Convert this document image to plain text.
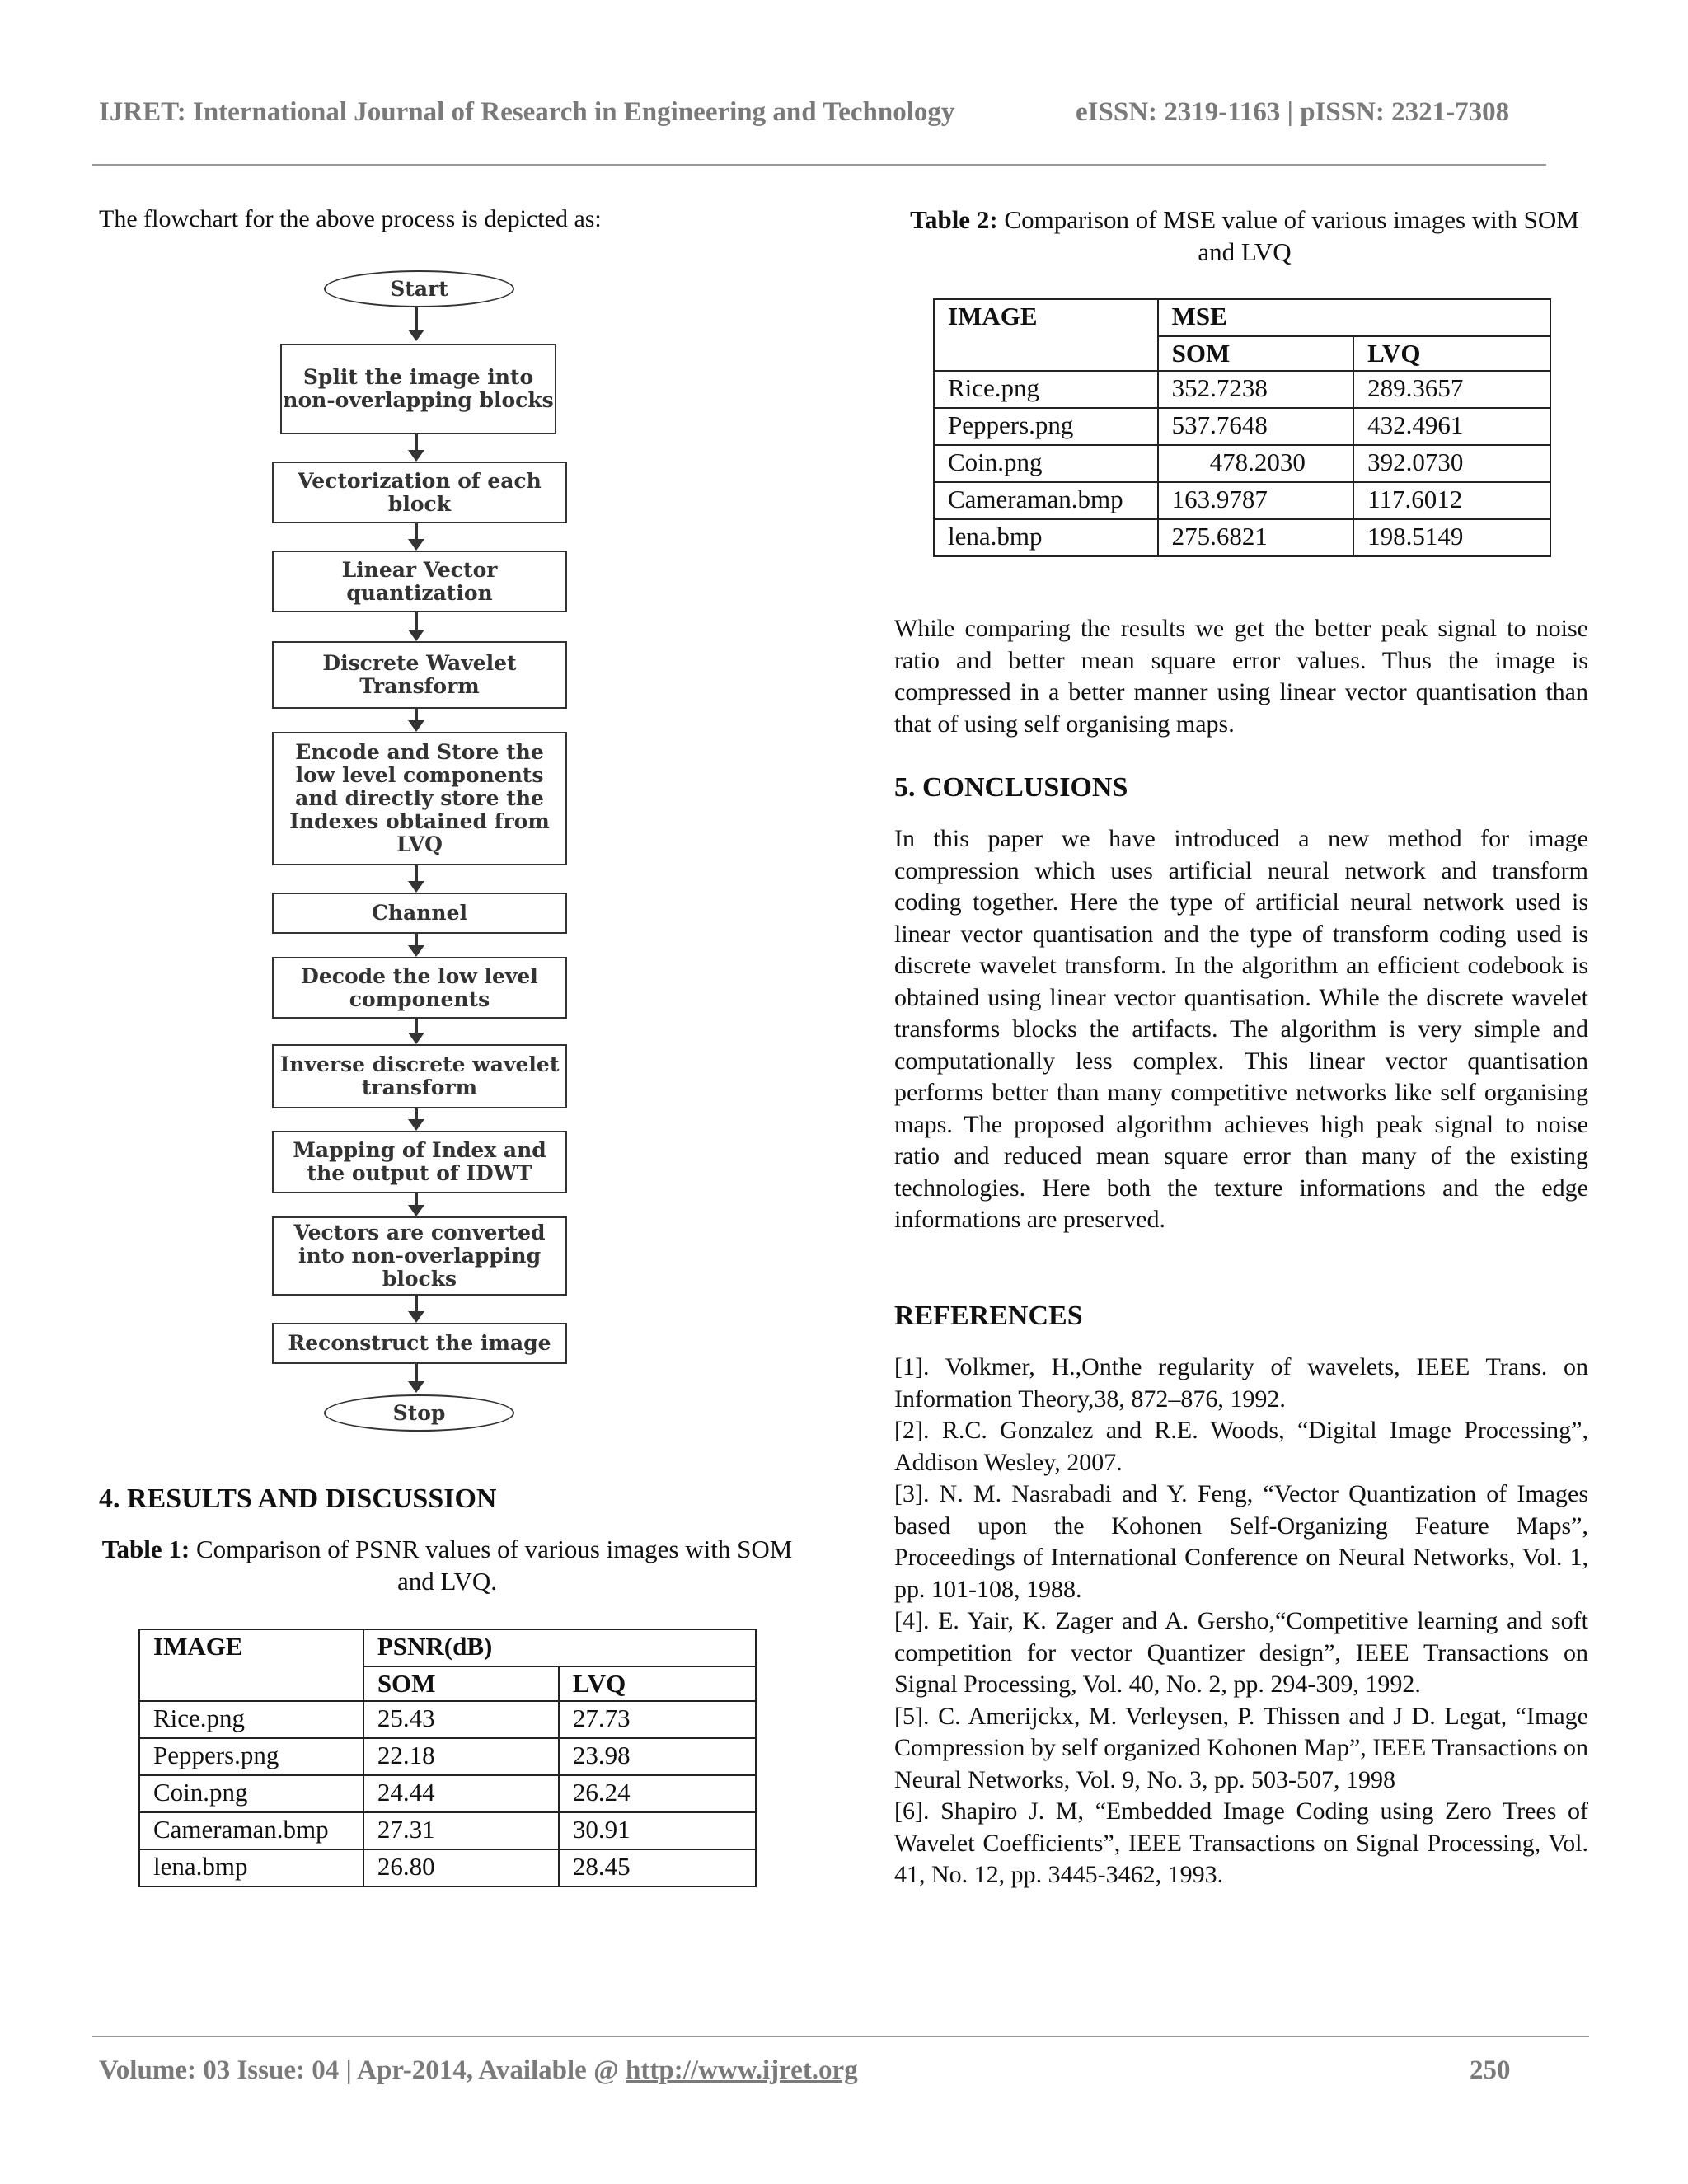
IJRET: International Journal of Research in Engineering and Technology	eISSN: 2319-1163 | pISSN: 2321-7308

The flowchart for the above process is depicted as:

Start
Split the image into non-overlapping blocks
Vectorization of each block
Linear Vector quantization
Discrete Wavelet Transform
Encode and Store the low level components and directly store the Indexes obtained from LVQ
Channel
Decode the low level components
Inverse discrete wavelet transform
Mapping of Index and the output of IDWT
Vectors are converted into non-overlapping blocks
Reconstruct the image
Stop
4. RESULTS AND DISCUSSION

Table 1: Comparison of PSNR values of various images with SOM and LVQ.

IMAGE	PSNR(dB)	
	SOM	LVQ
Rice.png	25.43	27.73
Peppers.png	22.18	23.98
Coin.png	24.44	26.24
Cameraman.bmp	27.31	30.91
lena.bmp	26.80	28.45

Table 2: Comparison of MSE value of various images with SOM and LVQ

IMAGE	MSE	
	SOM	LVQ
Rice.png	352.7238	289.3657
Peppers.png	537.7648	432.4961
Coin.png	478.2030	392.0730
Cameraman.bmp	163.9787	117.6012
lena.bmp	275.6821	198.5149

While comparing the results we get the better peak signal to noise ratio and better mean square error values. Thus the image is compressed in a better manner using linear vector quantisation than that of using self organising maps.

5. CONCLUSIONS

In this paper we have introduced a new method for image compression which uses artificial neural network and transform coding together. Here the type of artificial neural network used is linear vector quantisation and the type of transform coding used is discrete wavelet transform. In the algorithm an efficient codebook is obtained using linear vector quantisation. While the discrete wavelet transforms blocks the artifacts. The algorithm is very simple and computationally less complex. This linear vector quantisation performs better than many competitive networks like self organising maps. The proposed algorithm achieves high peak signal to noise ratio and reduced mean square error than many of the existing technologies. Here both the texture informations and the edge informations are preserved.

REFERENCES

[1]. Volkmer, H.,Onthe regularity of wavelets, IEEE Trans. on Information Theory,38, 872–876, 1992.

[2]. R.C. Gonzalez and R.E. Woods, “Digital Image Processing”, Addison Wesley, 2007.

[3]. N. M. Nasrabadi and Y. Feng, “Vector Quantization of Images based upon the Kohonen Self-Organizing Feature Maps”, Proceedings of International Conference on Neural Networks, Vol. 1, pp. 101-108, 1988.

[4]. E. Yair, K. Zager and A. Gersho,“Competitive learning and soft competition for vector Quantizer design”, IEEE Transactions on Signal Processing, Vol. 40, No. 2, pp. 294-309, 1992.

[5]. C. Amerijckx, M. Verleysen, P. Thissen and J D. Legat, “Image Compression by self organized Kohonen Map”, IEEE Transactions on Neural Networks, Vol. 9, No. 3, pp. 503-507, 1998

[6]. Shapiro J. M, “Embedded Image Coding using Zero Trees of Wavelet Coefficients”, IEEE Transactions on Signal Processing, Vol. 41, No. 12, pp. 3445-3462, 1993.

Volume: 03 Issue: 04 | Apr-2014, Available @ http://www.ijret.org	250
